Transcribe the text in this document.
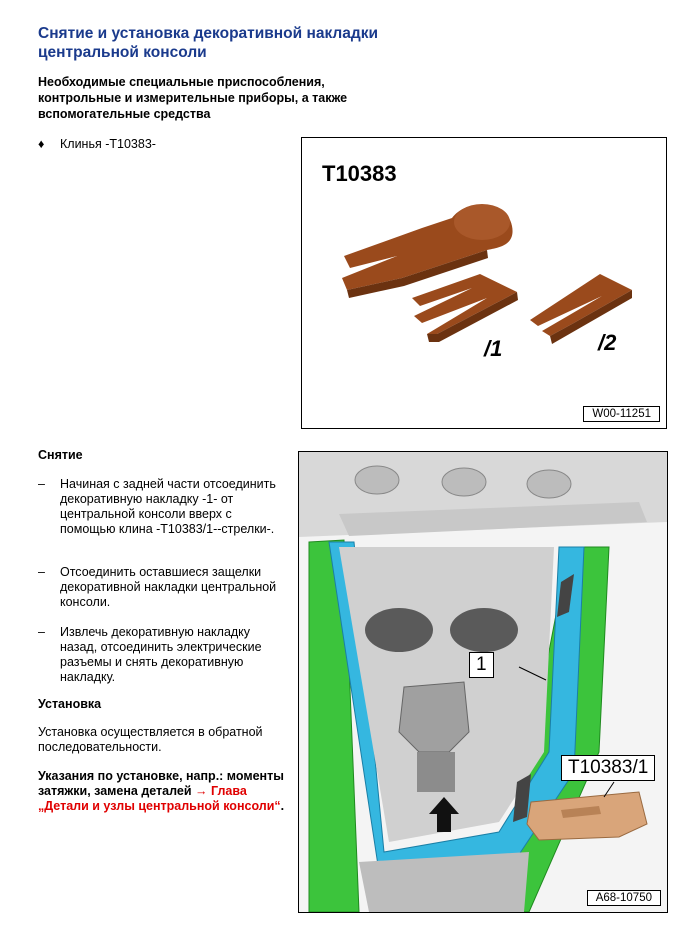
Снятие и установка декоративной накладки центральной консоли
Необходимые специальные приспособления, контрольные и измерительные приборы, а также вспомогательные средства
♦ Клинья -T10383-
T10383
/1	/2
W00-11251
Снятие
– Начиная с задней части отсоединить декоративную накладку -1- от центральной консоли вверх с помощью клина -T10383/1--стрелки-.
– Отсоединить оставшиеся защелки декоративной накладки центральной консоли.
– Извлечь декоративную накладку назад, отсоединить электрические разъемы и снять декоративную накладку.
Установка
Установка осуществляется в обратной последовательности.
Указания по установке, напр.: моменты затяжки, замена деталей → Глава „Детали и узлы центральной консоли“.
1
T10383/1
A68-10750
